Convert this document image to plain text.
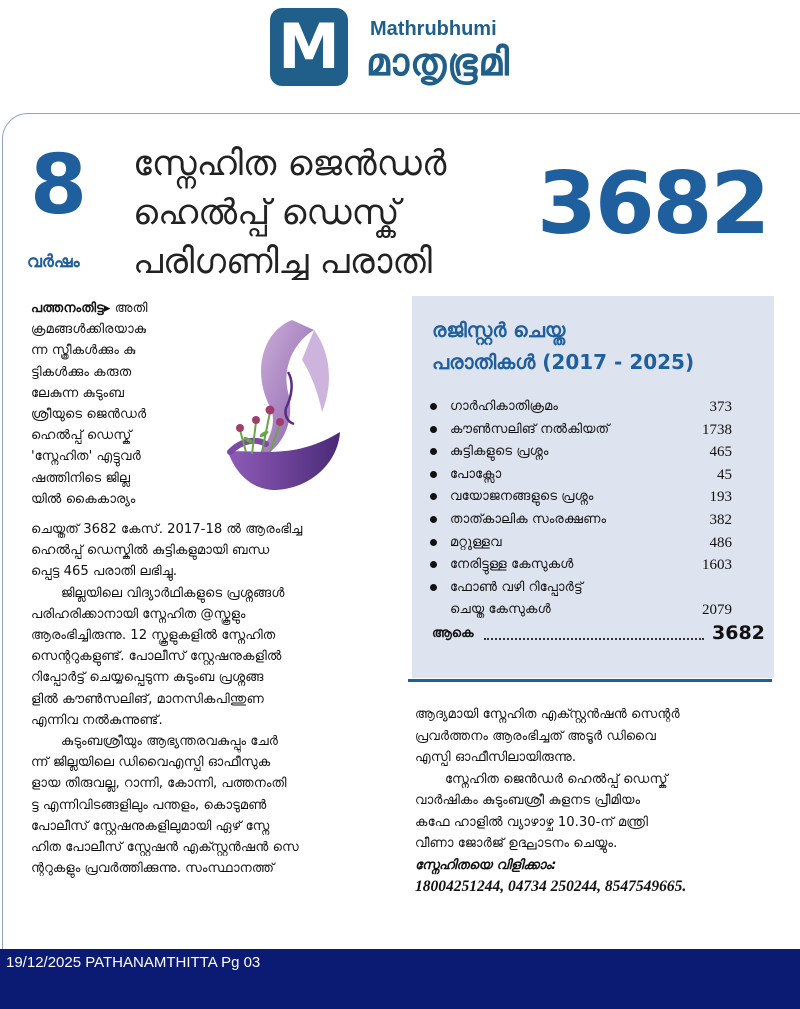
M	Mathrubhumi
മാതൃഭൂമി
8
വർഷം
സ്നേഹിത ജെൻഡർ
ഹെൽപ്പ് ഡെസ്ക്
പരിഗണിച്ച പരാതി
3682
പത്തനംതിട്ട▸ അതി
ക്രമങ്ങൾക്കിരയാകു
ന്ന സ്ത്രീകൾക്കും കു
ട്ടികൾക്കും കരുത
ലേകുന്ന കുടുംബ
ശ്രീയുടെ ജെൻഡർ
ഹെൽപ്പ് ഡെസ്ക്
'സ്നേഹിത' എട്ടുവർ
ഷത്തിനിടെ ജില്ല
യിൽ കൈകാര്യം
ചെയ്തത് 3682 കേസ്. 2017-18 ൽ ആരംഭിച്ച
ഹെൽപ്പ് ഡെസ്കിൽ കുട്ടികളുമായി ബന്ധ
പ്പെട്ട 465 പരാതി ലഭിച്ചു.
ജില്ലയിലെ വിദ്യാർഥികളുടെ പ്രശ്നങ്ങൾ
പരിഹരിക്കാനായി സ്നേഹിത @സ്കൂളും
ആരംഭിച്ചിരുന്നു. 12 സ്കൂളുകളിൽ സ്നേഹിത
സെന്ററുകളുണ്ട്. പോലീസ് സ്റ്റേഷനുകളിൽ
റിപ്പോർട്ട് ചെയ്യപ്പെടുന്ന കുടുംബ പ്രശ്നങ്ങ
ളിൽ കൗൺസലിങ്, മാനസികപിന്തുണ
എന്നിവ നൽകുന്നുണ്ട്.
കുടുംബശ്രീയും ആഭ്യന്തരവകുപ്പും ചേർ
ന്ന് ജില്ലയിലെ ഡിവൈഎസ്പി ഓഫീസുക
ളായ തിരുവല്ല, റാന്നി, കോന്നി, പത്തനംതി
ട്ട എന്നിവിടങ്ങളിലും പന്തളം, കൊടുമൺ
പോലീസ് സ്റ്റേഷനുകളിലുമായി ഏഴ് സ്നേ
ഹിത പോലീസ് സ്റ്റേഷൻ എക്സ്റ്റൻഷൻ സെ
ന്ററുകളും പ്രവർത്തിക്കുന്നു. സംസ്ഥാനത്ത്
രജിസ്റ്റർ ചെയ്ത
പരാതികൾ (2017 - 2025)
ഗാർഹികാതിക്രമം	373
കൗൺസലിങ് നൽകിയത്	1738
കുട്ടികളുടെ പ്രശ്നം	465
പോക്സോ	45
വയോജനങ്ങളുടെ പ്രശ്നം	193
താത്കാലിക സംരക്ഷണം	382
മറ്റുള്ളവ	486
നേരിട്ടുള്ള കേസുകൾ	1603
ഫോൺ വഴി റിപ്പോർട്ട്
ചെയ്ത കേസുകൾ	2079
ആകെ	3682
ആദ്യമായി സ്നേഹിത എക്സ്റ്റൻഷൻ സെന്റർ
പ്രവർത്തനം ആരംഭിച്ചത് അടൂർ ഡിവൈ
എസ്പി ഓഫീസിലായിരുന്നു.
സ്നേഹിത ജെൻഡർ ഹെൽപ്പ് ഡെസ്ക്
വാർഷികം കുടുംബശ്രീ കുളനട പ്രീമിയം
കഫേ ഹാളിൽ വ്യാഴാഴ്ച 10.30-ന് മന്ത്രി
വീണാ ജോർജ് ഉദ്ഘാടനം ചെയ്യും.
സ്നേഹിതയെ വിളിക്കാം:
18004251244, 04734 250244, 8547549665.
19/12/2025 PATHANAMTHITTA Pg 03
